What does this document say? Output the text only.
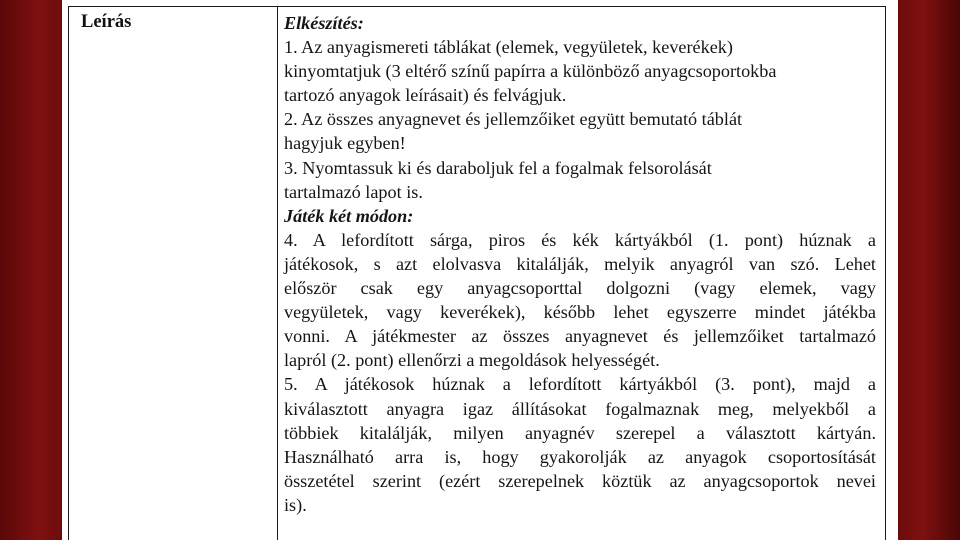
Leírás	Elkészítés:
1. Az anyagismereti táblákat (elemek, vegyületek, keverékek)
kinyomtatjuk (3 eltérő színű papírra a különböző anyagcsoportokba
tartozó anyagok leírásait) és felvágjuk.
2. Az összes anyagnevet és jellemzőiket együtt bemutató táblát
hagyjuk egyben!
3. Nyomtassuk ki és daraboljuk fel a fogalmak felsorolását
tartalmazó lapot is.
Játék két módon:
4. A lefordított sárga, piros és kék kártyákból (1. pont) húznak a
játékosok, s azt elolvasva kitalálják, melyik anyagról van szó. Lehet
először csak egy anyagcsoporttal dolgozni (vagy elemek, vagy
vegyületek, vagy keverékek), később lehet egyszerre mindet játékba
vonni. A játékmester az összes anyagnevet és jellemzőiket tartalmazó
lapról (2. pont) ellenőrzi a megoldások helyességét.
5. A játékosok húznak a lefordított kártyákból (3. pont), majd a
kiválasztott anyagra igaz állításokat fogalmaznak meg, melyekből a
többiek kitalálják, milyen anyagnév szerepel a választott kártyán.
Használható arra is, hogy gyakorolják az anyagok csoportosítását
összetétel szerint (ezért szerepelnek köztük az anyagcsoportok nevei
is).
